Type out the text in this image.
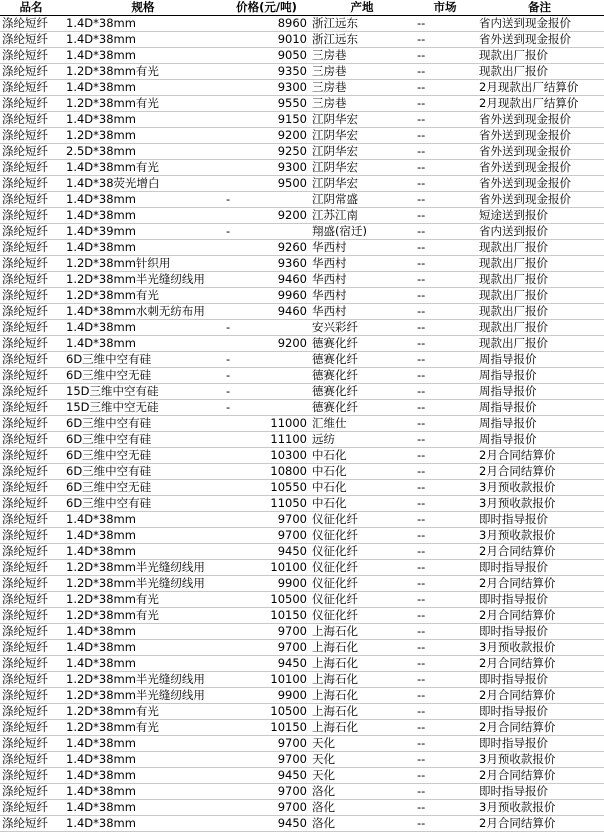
品名	规格	价格(元/吨)	产地	市场	备注
涤纶短纤	1.4D*38mm	8960	浙江远东	--	省内送到现金报价
涤纶短纤	1.4D*38mm	9010	浙江远东	--	省外送到现金报价
涤纶短纤	1.4D*38mm	9050	三房巷	--	现款出厂报价
涤纶短纤	1.2D*38mm有光	9350	三房巷	--	现款出厂报价
涤纶短纤	1.4D*38mm	9300	三房巷	--	2月现款出厂结算价
涤纶短纤	1.2D*38mm有光	9550	三房巷	--	2月现款出厂结算价
涤纶短纤	1.4D*38mm	9150	江阴华宏	--	省外送到现金报价
涤纶短纤	1.2D*38mm	9200	江阴华宏	--	省外送到现金报价
涤纶短纤	2.5D*38mm	9250	江阴华宏	--	省外送到现金报价
涤纶短纤	1.4D*38mm有光	9300	江阴华宏	--	省外送到现金报价
涤纶短纤	1.4D*38荧光增白	9500	江阴华宏	--	省外送到现金报价
涤纶短纤	1.4D*38mm	-	江阴常盛	--	省外送到现金报价
涤纶短纤	1.4D*38mm	9200	江苏江南	--	短途送到报价
涤纶短纤	1.4D*39mm	-	翔盛(宿迁)	--	省内送到报价
涤纶短纤	1.4D*38mm	9260	华西村	--	现款出厂报价
涤纶短纤	1.2D*38mm针织用	9360	华西村	--	现款出厂报价
涤纶短纤	1.2D*38mm半光缝纫线用	9460	华西村	--	现款出厂报价
涤纶短纤	1.2D*38mm有光	9960	华西村	--	现款出厂报价
涤纶短纤	1.4D*38mm水刺无纺布用	9460	华西村	--	现款出厂报价
涤纶短纤	1.4D*38mm	-	安兴彩纤	--	现款出厂报价
涤纶短纤	1.4D*38mm	9200	德赛化纤	--	现款出厂报价
涤纶短纤	6D三维中空有硅	-	德赛化纤	--	周指导报价
涤纶短纤	6D三维中空无硅	-	德赛化纤	--	周指导报价
涤纶短纤	15D三维中空有硅	-	德赛化纤	--	周指导报价
涤纶短纤	15D三维中空无硅	-	德赛化纤	--	周指导报价
涤纶短纤	6D三维中空有硅	11000	汇维仕	--	周指导报价
涤纶短纤	6D三维中空有硅	11100	远纺	--	周指导报价
涤纶短纤	6D三维中空无硅	10300	中石化	--	2月合同结算价
涤纶短纤	6D三维中空有硅	10800	中石化	--	2月合同结算价
涤纶短纤	6D三维中空无硅	10550	中石化	--	3月预收款报价
涤纶短纤	6D三维中空有硅	11050	中石化	--	3月预收款报价
涤纶短纤	1.4D*38mm	9700	仪征化纤	--	即时指导报价
涤纶短纤	1.4D*38mm	9700	仪征化纤	--	3月预收款报价
涤纶短纤	1.4D*38mm	9450	仪征化纤	--	2月合同结算价
涤纶短纤	1.2D*38mm半光缝纫线用	10100	仪征化纤	--	即时指导报价
涤纶短纤	1.2D*38mm半光缝纫线用	9900	仪征化纤	--	2月合同结算价
涤纶短纤	1.2D*38mm有光	10500	仪征化纤	--	即时指导报价
涤纶短纤	1.2D*38mm有光	10150	仪征化纤	--	2月合同结算价
涤纶短纤	1.4D*38mm	9700	上海石化	--	即时指导报价
涤纶短纤	1.4D*38mm	9700	上海石化	--	3月预收款报价
涤纶短纤	1.4D*38mm	9450	上海石化	--	2月合同结算价
涤纶短纤	1.2D*38mm半光缝纫线用	10100	上海石化	--	即时指导报价
涤纶短纤	1.2D*38mm半光缝纫线用	9900	上海石化	--	2月合同结算价
涤纶短纤	1.2D*38mm有光	10500	上海石化	--	即时指导报价
涤纶短纤	1.2D*38mm有光	10150	上海石化	--	2月合同结算价
涤纶短纤	1.4D*38mm	9700	天化	--	即时指导报价
涤纶短纤	1.4D*38mm	9700	天化	--	3月预收款报价
涤纶短纤	1.4D*38mm	9450	天化	--	2月合同结算价
涤纶短纤	1.4D*38mm	9700	洛化	--	即时指导报价
涤纶短纤	1.4D*38mm	9700	洛化	--	3月预收款报价
涤纶短纤	1.4D*38mm	9450	洛化	--	2月合同结算价
